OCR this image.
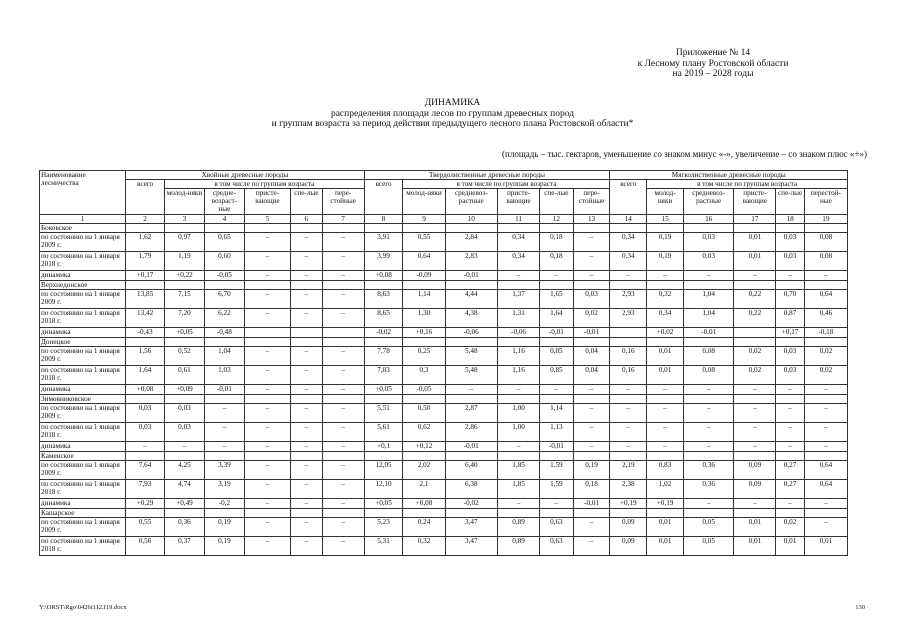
Приложение № 14
к Лесному плану Ростовской области
на 2019 – 2028 годы
ДИНАМИКА
распределения площади лесов по группам древесных пород
и группам возраста за период действия предыдущего лесного плана Ростовской области*
(площадь – тыс. гектаров, уменьшение со знаком минус «-», увеличение – со знаком плюс «+»)
Наименование лесничества	Хвойные древесные породы						Твердолиственные древесные породы						Мягколиственные древесные породы					
	всего	в том числе по группам возраста					всего	в том числе по группам возраста					всего	в том числе по группам возраста				
		молод-няки	средне-возраст-ные	присте-вающие	спе-лые	пере-стойные		молод-няки	средневоз-растные	присте-вающие	спе-лые	пере-стойные		молод-няки	средневоз-растные	присте-вающие	спе-лые	перестой-ные
1	2	3	4	5	6	7	8	9	10	11	12	13	14	15	16	17	18	19
Боковское																		
по состоянию на 1 января 2009 г.	1,62	0,97	0,65	–	–	–	3,91	0,55	2,84	0,34	0,18	–	0,34	0,19	0,03	0,01	0,03	0,08
по состоянию на 1 января 2018 г.	1,79	1,19	0,60	–	–	–	3,99	0,64	2,83	0,34	0,18	–	0,34	0,19	0,03	0,01	0,03	0,08
динамика	+0,17	+0,22	-0,05	–	–	–	+0,08	-0,09	-0,01	–	–	–	–	–	–	–	–	–
Верхнедонское																		
по состоянию на 1 января 2009 г.	13,85	7,15	6,70	–	–	–	8,63	1,14	4,44	1,37	1,65	0,03	2,93	0,32	1,04	0,22	0,70	0,64
по состоянию на 1 января 2018 г.	13,42	7,20	6,22	–	–	–	8,65	1,30	4,38	1,31	1,64	0,02	2,93	0,34	1,04	0,22	0,87	0,46
динамика	-0,43	+0,05	-0,48				-0,02	+0,16	-0,06	-0,06	-0,01	-0,01		+0,02	-0,01		+0,17	-0,18
Донецкое																		
по состоянию на 1 января 2009 г.	1,56	0,52	1,04	–	–	–	7,78	0,25	5,48	1,16	0,85	0,04	0,16	0,01	0,08	0,02	0,03	0,02
по состоянию на 1 января 2018 г.	1,64	0,61	1,03	–	–	–	7,83	0,3	5,48	1,16	0,85	0,04	0,16	0,01	0,08	0,02	0,03	0,02
динамика	+0,08	+0,09	-0,01	–	–	–	+0,05	-0,05	–	–	–	–	–	–	–	–	–	–
Зимовниковское																		
по состоянию на 1 января 2009 г.	0,03	0,03	–	–	–	–	5,51	0,50	2,87	1,00	1,14	–	–	–	–	–	–	–
по состоянию на 1 января 2018 г.	0,03	0,03	–	–	–	–	5,61	0,62	2,86	1,00	1,13	–	–	–	–	–	–	–
динамика	–	–	–	–	–	–	+0,1	+0,12	-0,01	–	-0,01	–	–	–	–	–	–	–
Каменское																		
по состоянию на 1 января 2009 г.	7,64	4,25	3,39	–	–	–	12,05	2,02	6,40	1,85	1,59	0,19	2,19	0,83	0,36	0,09	0,27	0,64
по состоянию на 1 января 2018 г.	7,93	4,74	3,19	–	–	–	12,10	2,1	6,38	1,85	1,59	0,18	2,38	1,02	0,36	0,09	0,27	0,64
динамика	+0,29	+0,49	-0,2	–	–	–	+0,05	+0,08	-0,02	–	–	-0,01	+0,19	+0,19	–	–	–	–
Кашарское																		
по состоянию на 1 января 2009 г.	0,55	0,36	0,19	–	–	–	5,23	0,24	3,47	0,89	0,63	–	0,09	0,01	0,05	0,01	0,02	–
по состоянию на 1 января 2018 г.	0,56	0,37	0,19	–	–	–	5,31	0,32	3,47	0,89	0,63	–	0,09	0,01	0,05	0,01	0,01	0,01
Y:\ORST\Rgo\0426t112.f19.docx	130
